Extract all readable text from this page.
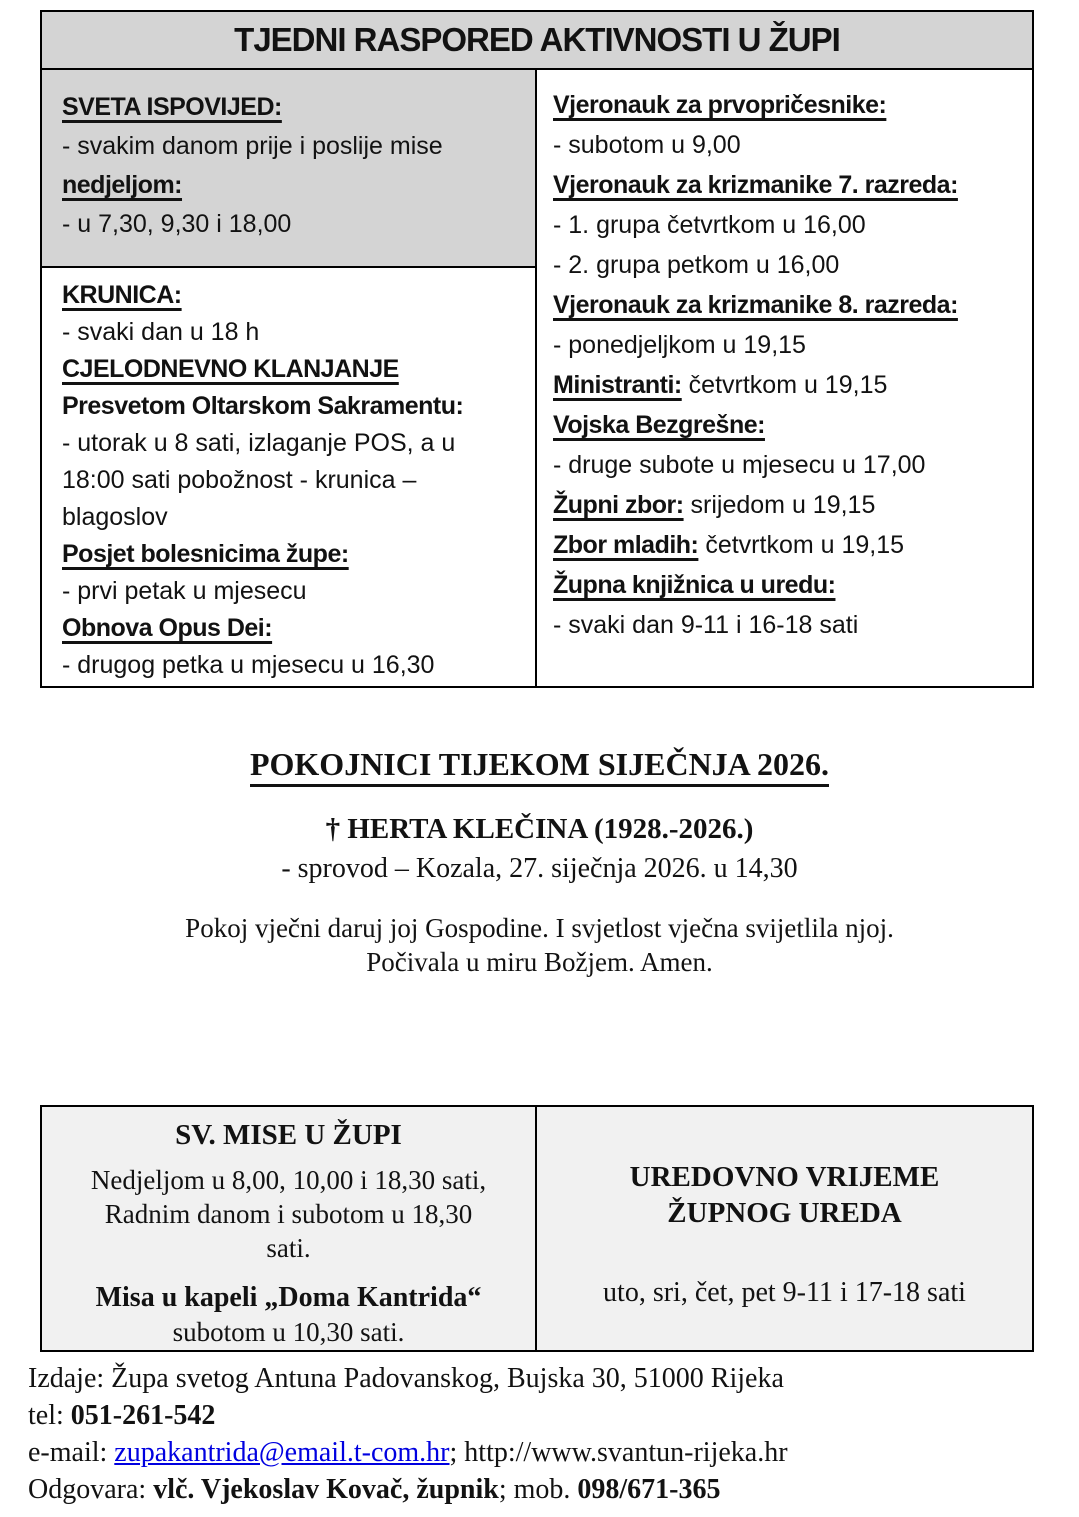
TJEDNI RASPORED AKTIVNOSTI U ŽUPI
SVETA ISPOVIJED:
- svakim danom prije i poslije mise
nedjeljom:
- u 7,30, 9,30 i 18,00
KRUNICA:
- svaki dan u 18 h
CJELODNEVNO KLANJANJE
Presvetom Oltarskom Sakramentu:
- utorak u 8 sati, izlaganje POS, a u
18:00 sati pobožnost - krunica –
blagoslov
Posjet bolesnicima župe:
- prvi petak u mjesecu
Obnova Opus Dei:
- drugog petka u mjesecu u 16,30
Vjeronauk za prvopričesnike:
- subotom u 9,00
Vjeronauk za krizmanike 7. razreda:
- 1. grupa četvrtkom u 16,00
- 2. grupa petkom u 16,00
Vjeronauk za krizmanike 8. razreda:
- ponedjeljkom u 19,15
Ministranti: četvrtkom u 19,15
Vojska Bezgrešne:
- druge subote u mjesecu u 17,00
Župni zbor: srijedom u 19,15
Zbor mladih: četvrtkom u 19,15
Župna knjižnica u uredu:
- svaki dan 9-11 i 16-18 sati
POKOJNICI TIJEKOM SIJEČNJA 2026.
† HERTA KLEČINA (1928.-2026.)
- sprovod – Kozala, 27. siječnja 2026. u 14,30
Pokoj vječni daruj joj Gospodine. I svjetlost vječna svijetlila njoj.
Počivala u miru Božjem. Amen.
SV. MISE U ŽUPI
Nedjeljom u 8,00, 10,00 i 18,30 sati,
Radnim danom i subotom u 18,30
sati.
Misa u kapeli „Doma Kantrida“
subotom u 10,30 sati.
UREDOVNO VRIJEME
ŽUPNOG UREDA
uto, sri, čet, pet 9-11 i 17-18 sati
Izdaje: Župa svetog Antuna Padovanskog, Bujska 30, 51000 Rijeka
tel: 051-261-542
e-mail: zupakantrida@email.t-com.hr; http://www.svantun-rijeka.hr
Odgovara: vlč. Vjekoslav Kovač, župnik; mob. 098/671-365
